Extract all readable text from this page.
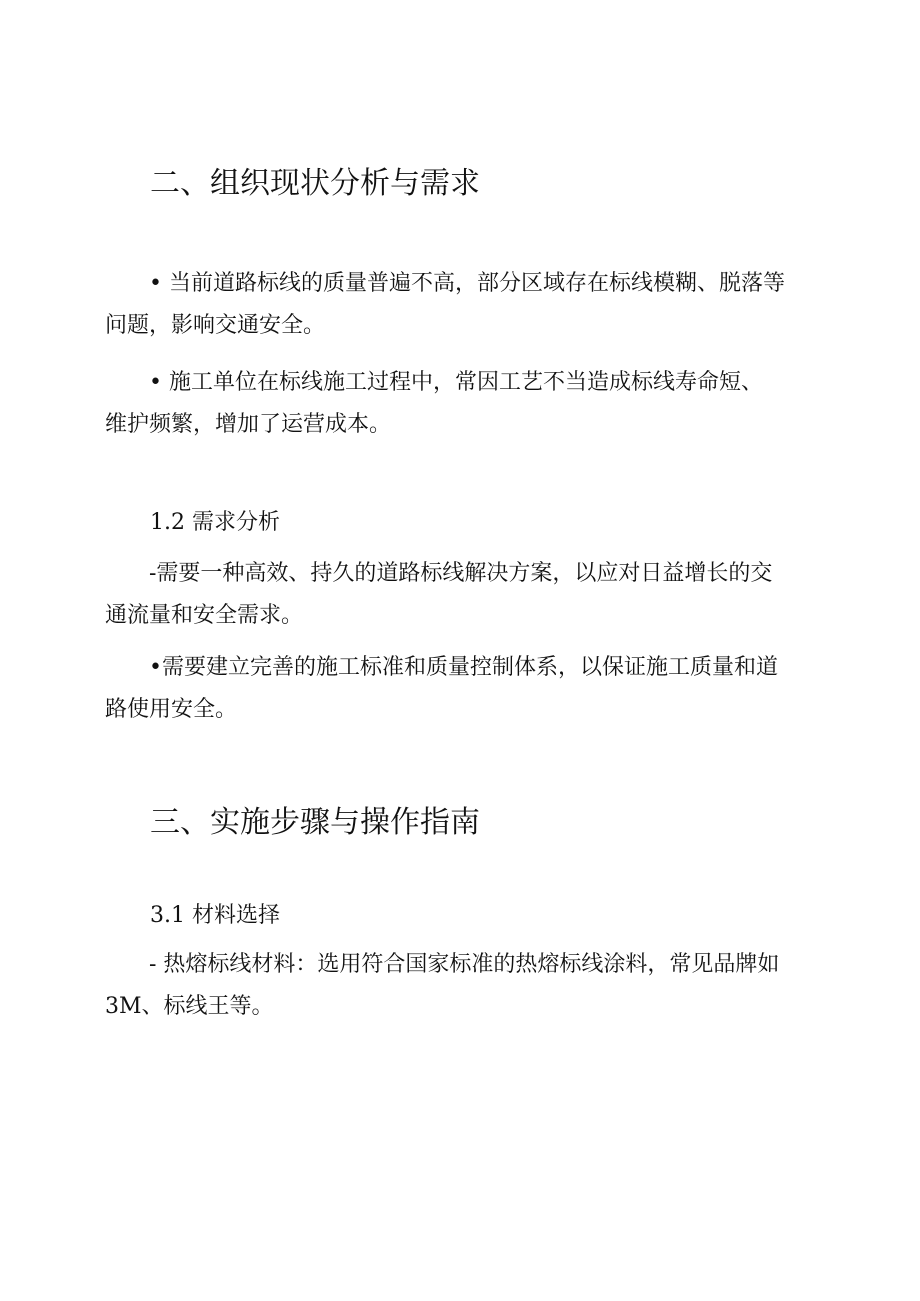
二、组织现状分析与需求
• 当前道路标线的质量普遍不高，部分区域存在标线模糊、脱落等
问题，影响交通安全。
• 施工单位在标线施工过程中，常因工艺不当造成标线寿命短、
维护频繁，增加了运营成本。
1.2 需求分析
-需要一种高效、持久的道路标线解决方案，以应对日益增长的交
通流量和安全需求。
•需要建立完善的施工标准和质量控制体系，以保证施工质量和道
路使用安全。
三、实施步骤与操作指南
3.1 材料选择
- 热熔标线材料：选用符合国家标准的热熔标线涂料，常见品牌如
3M、标线王等。
